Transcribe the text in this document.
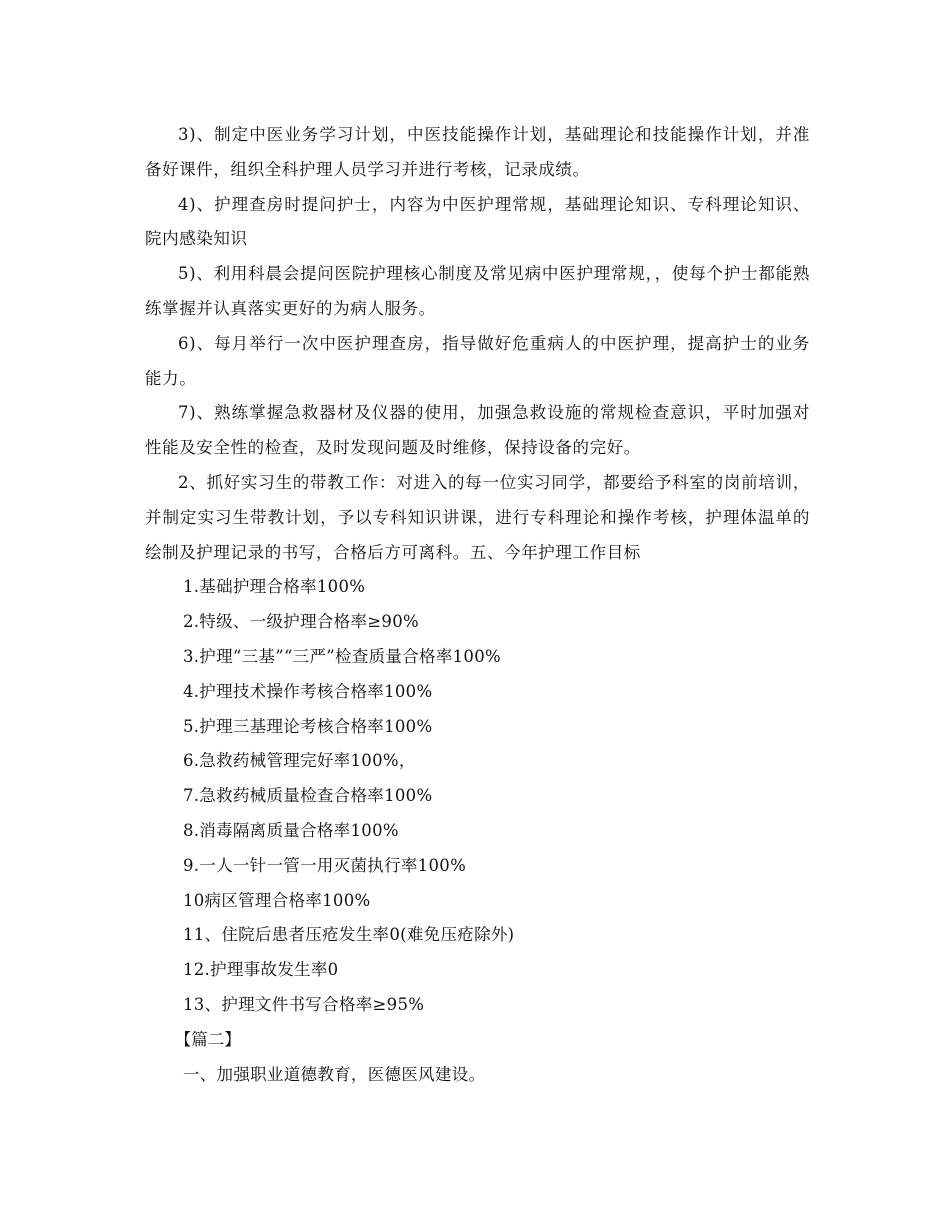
3)、制定中医业务学习计划，中医技能操作计划，基础理论和技能操作计划，并准备好课件，组织全科护理人员学习并进行考核，记录成绩。

4)、护理查房时提问护士，内容为中医护理常规，基础理论知识、专科理论知识、院内感染知识

5)、利用科晨会提问医院护理核心制度及常见病中医护理常规，，使每个护士都能熟练掌握并认真落实更好的为病人服务。

6)、每月举行一次中医护理查房，指导做好危重病人的中医护理，提高护士的业务能力。

7)、熟练掌握急救器材及仪器的使用，加强急救设施的常规检查意识，平时加强对性能及安全性的检查，及时发现问题及时维修，保持设备的完好。

2、抓好实习生的带教工作：对进入的每一位实习同学，都要给予科室的岗前培训，并制定实习生带教计划，予以专科知识讲课，进行专科理论和操作考核，护理体温单的绘制及护理记录的书写，合格后方可离科。五、今年护理工作目标

1.基础护理合格率100%

2.特级、一级护理合格率≥90%

3.护理“三基”“三严”检查质量合格率100%

4.护理技术操作考核合格率100%

5.护理三基理论考核合格率100%

6.急救药械管理完好率100%，

7.急救药械质量检查合格率100%

8.消毒隔离质量合格率100%

9.一人一针一管一用灭菌执行率100%

10病区管理合格率100%

11、住院后患者压疮发生率0(难免压疮除外)

12.护理事故发生率0

13、护理文件书写合格率≥95%

【篇二】

一、加强职业道德教育，医德医风建设。
